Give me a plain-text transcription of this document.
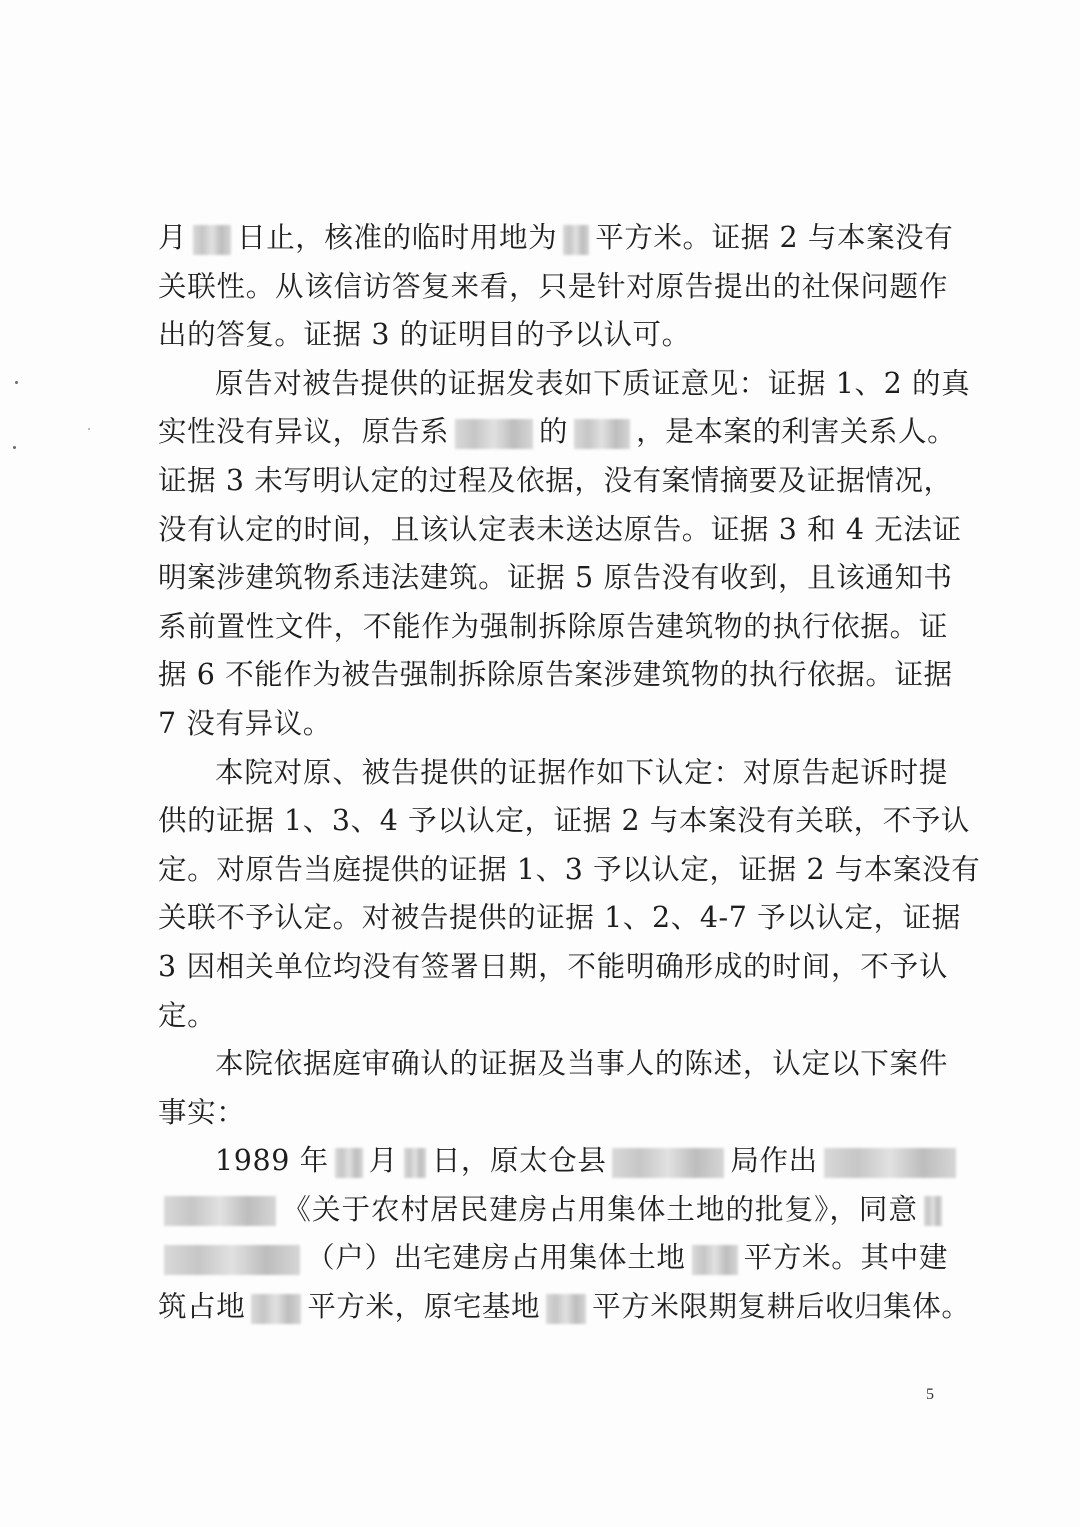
月 日止，核准的临时用地为 平方米。证据 2 与本案没有
关联性。从该信访答复来看，只是针对原告提出的社保问题作
出的答复。证据 3 的证明目的予以认可。
原告对被告提供的证据发表如下质证意见：证据 1、2 的真
实性没有异议，原告系	的 ，是本案的利害关系人。
证据 3 未写明认定的过程及依据，没有案情摘要及证据情况，
没有认定的时间，且该认定表未送达原告。证据 3 和 4 无法证
明案涉建筑物系违法建筑。证据 5 原告没有收到，且该通知书
系前置性文件，不能作为强制拆除原告建筑物的执行依据。证
据 6 不能作为被告强制拆除原告案涉建筑物的执行依据。证据
7 没有异议。
本院对原、被告提供的证据作如下认定：对原告起诉时提
供的证据 1、3、4 予以认定，证据 2 与本案没有关联，不予认
定。对原告当庭提供的证据 1、3 予以认定，证据 2 与本案没有
关联不予认定。对被告提供的证据 1、2、4-7 予以认定，证据
3 因相关单位均没有签署日期，不能明确形成的时间，不予认
定。
本院依据庭审确认的证据及当事人的陈述，认定以下案件
事实：
1989 年 月 日，原太仓县	局作出
《关于农村居民建房占用集体土地的批复》，同意
（户）出宅建房占用集体土地 平方米。其中建
筑占地 平方米，原宅基地 平方米限期复耕后收归集体。
5
